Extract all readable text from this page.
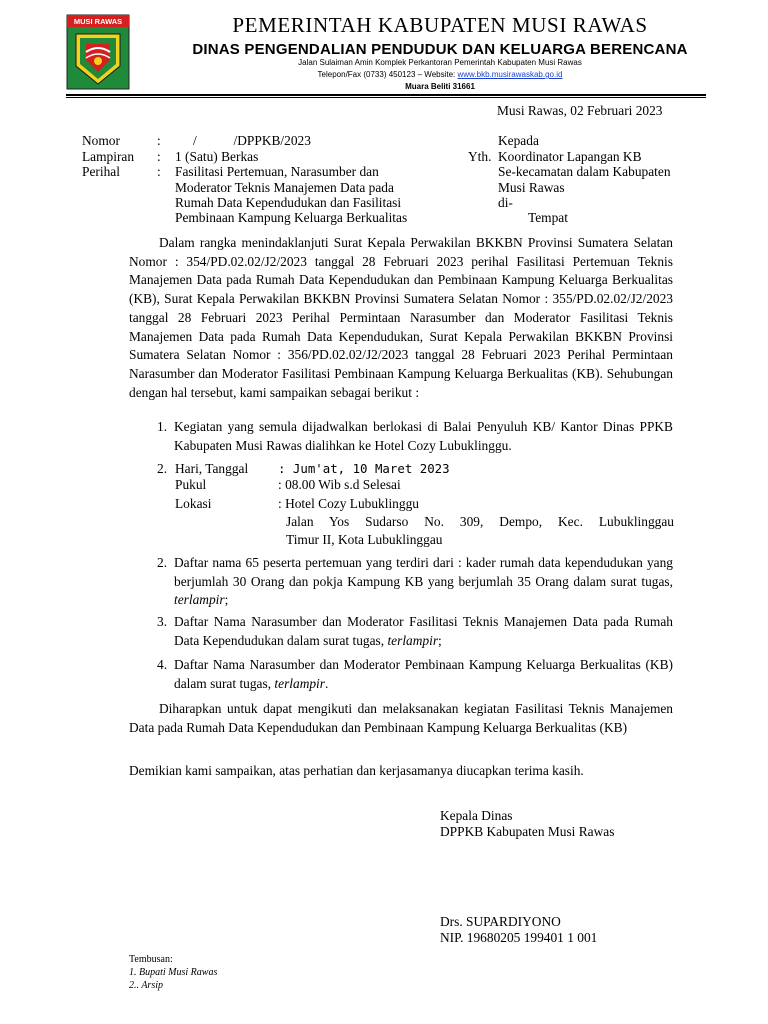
MUSI RAWAS	PEMERINTAH KABUPATEN MUSI RAWAS
DINAS PENGENDALIAN PENDUDUK DAN KELUARGA BERENCANA
Jalan Sulaiman Amin Komplek Perkantoran Pemerintah Kabupaten Musi Rawas
Telepon/Fax (0733) 450123 – Website: www.bkb.musirawaskab.go.id
Muara Beliti 31661
Musi Rawas, 02 Februari 2023
Nomor	: /           /DPPKB/2023
Lampiran : 1 (Satu) Berkas
Perihal	: Fasilitasi Pertemuan, Narasumber dan
Moderator Teknis Manajemen Data pada
Rumah Data Kependudukan dan Fasilitasi
Pembinaan Kampung Keluarga Berkualitas
Kepada
Yth. Koordinator Lapangan KB
Se-kecamatan dalam Kabupaten
Musi Rawas
di-
Tempat
Dalam rangka menindaklanjuti Surat Kepala Perwakilan BKKBN Provinsi Sumatera Selatan Nomor : 354/PD.02.02/J2/2023 tanggal 28 Februari 2023 perihal Fasilitasi Pertemuan Teknis Manajemen Data pada Rumah Data Kependudukan dan Pembinaan Kampung Keluarga Berkualitas (KB), Surat Kepala Perwakilan BKKBN Provinsi Sumatera Selatan Nomor : 355/PD.02.02/J2/2023 tanggal 28 Februari 2023 Perihal Permintaan Narasumber dan Moderator Fasilitasi Teknis Manajemen Data pada Rumah Data Kependudukan, Surat Kepala Perwakilan BKKBN Provinsi Sumatera Selatan Nomor : 356/PD.02.02/J2/2023 tanggal 28 Februari 2023 Perihal Permintaan Narasumber dan Moderator Fasilitasi Pembinaan Kampung Keluarga Berkualitas (KB). Sehubungan dengan hal tersebut, kami sampaikan sebagai berikut :
1. Kegiatan yang semula dijadwalkan berlokasi di Balai Penyuluh KB/ Kantor Dinas PPKB Kabupaten Musi Rawas dialihkan ke Hotel Cozy Lubuklinggu.
2. Hari, Tanggal : Jum'at, 10 Maret 2023
Pukul	: 08.00 Wib s.d Selesai
Lokasi	: Hotel Cozy Lubuklinggu
Jalan Yos Sudarso No. 309, Dempo, Kec. Lubuklinggau
Timur II, Kota Lubuklinggau
2. Daftar nama 65 peserta pertemuan yang terdiri dari : kader rumah data kependudukan yang berjumlah 30 Orang dan pokja Kampung KB yang berjumlah 35 Orang dalam surat tugas, terlampir;
3. Daftar Nama Narasumber dan Moderator Fasilitasi Teknis Manajemen Data pada Rumah Data Kependudukan dalam surat tugas, terlampir;
4. Daftar Nama Narasumber dan Moderator Pembinaan Kampung Keluarga Berkualitas (KB) dalam surat tugas, terlampir.
Diharapkan untuk dapat mengikuti dan melaksanakan kegiatan Fasilitasi Teknis Manajemen Data pada Rumah Data Kependudukan dan Pembinaan Kampung Keluarga Berkualitas (KB)
Demikian kami sampaikan, atas perhatian dan kerjasamanya diucapkan terima kasih.
Kepala Dinas
DPPKB Kabupaten Musi Rawas
Drs. SUPARDIYONO
NIP. 19680205 199401 1 001
Tembusan:
1. Bupati Musi Rawas
2.. Arsip
